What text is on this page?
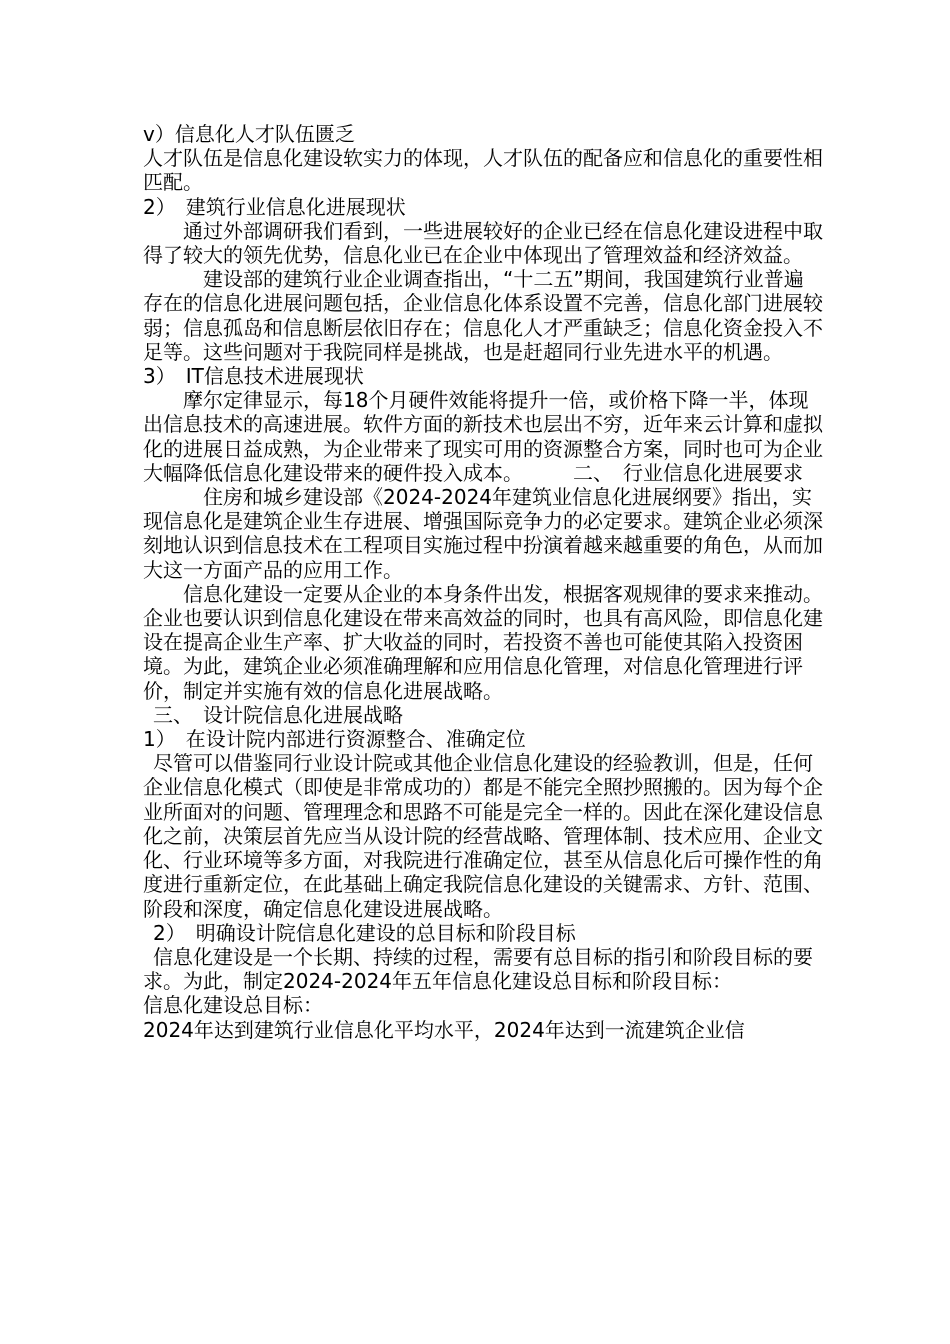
v）信息化人才队伍匮乏

人才队伍是信息化建设软实力的体现，人才队伍的配备应和信息化的重要性相匹配。

2）　建筑行业信息化进展现状

通过外部调研我们看到，一些进展较好的企业已经在信息化建设进程中取得了较大的领先优势，信息化业已在企业中体现出了管理效益和经济效益。

建设部的建筑行业企业调查指出，“十二五”期间，我国建筑行业普遍存在的信息化进展问题包括，企业信息化体系设置不完善，信息化部门进展较弱；信息孤岛和信息断层依旧存在；信息化人才严重缺乏；信息化资金投入不足等。这些问题对于我院同样是挑战，也是赶超同行业先进水平的机遇。

3）　IT信息技术进展现状

摩尔定律显示，每18个月硬件效能将提升一倍，或价格下降一半，体现出信息技术的高速进展。软件方面的新技术也层出不穷，近年来云计算和虚拟化的进展日益成熟，为企业带来了现实可用的资源整合方案，同时也可为企业大幅降低信息化建设带来的硬件投入成本。　　　二、　行业信息化进展要求

住房和城乡建设部《2024-2024年建筑业信息化进展纲要》指出，实现信息化是建筑企业生存进展、增强国际竞争力的必定要求。建筑企业必须深刻地认识到信息技术在工程项目实施过程中扮演着越来越重要的角色，从而加大这一方面产品的应用工作。

信息化建设一定要从企业的本身条件出发，根据客观规律的要求来推动。企业也要认识到信息化建设在带来高效益的同时，也具有高风险，即信息化建设在提高企业生产率、扩大收益的同时，若投资不善也可能使其陷入投资困境。为此，建筑企业必须准确理解和应用信息化管理，对信息化管理进行评价，制定并实施有效的信息化进展战略。

三、　设计院信息化进展战略

1）　在设计院内部进行资源整合、准确定位

尽管可以借鉴同行业设计院或其他企业信息化建设的经验教训，但是，任何企业信息化模式（即使是非常成功的）都是不能完全照抄照搬的。因为每个企业所面对的问题、管理理念和思路不可能是完全一样的。因此在深化建设信息化之前，决策层首先应当从设计院的经营战略、管理体制、技术应用、企业文化、行业环境等多方面，对我院进行准确定位，甚至从信息化后可操作性的角度进行重新定位，在此基础上确定我院信息化建设的关键需求、方针、范围、阶段和深度，确定信息化建设进展战略。

2）　明确设计院信息化建设的总目标和阶段目标

信息化建设是一个长期、持续的过程，需要有总目标的指引和阶段目标的要求。为此，制定2024-2024年五年信息化建设总目标和阶段目标：

信息化建设总目标：

2024年达到建筑行业信息化平均水平，2024年达到一流建筑企业信
